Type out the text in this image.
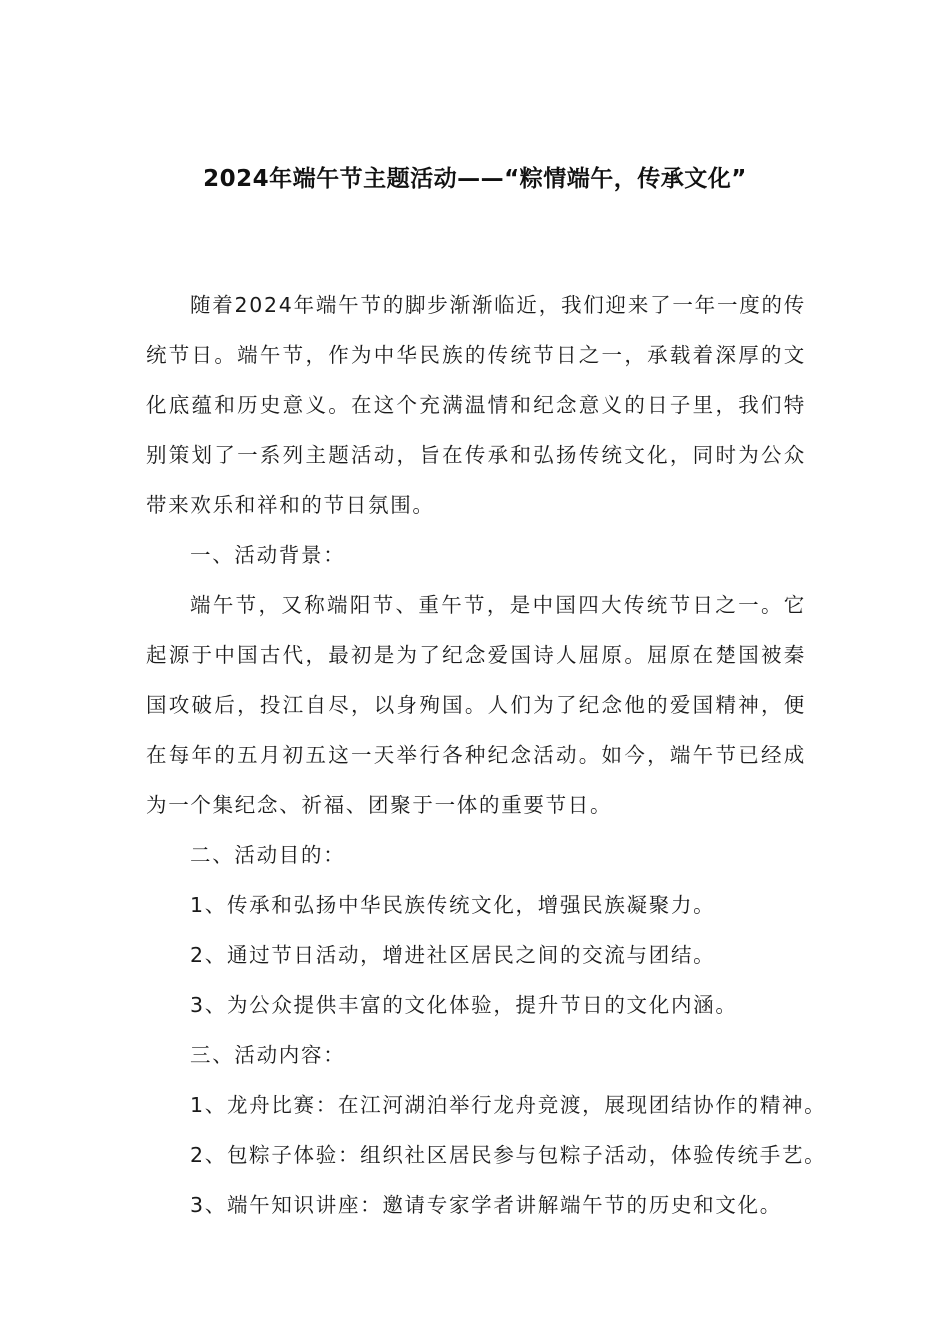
2024年端午节主题活动——“粽情端午，传承文化”

随着2024年端午节的脚步渐渐临近，我们迎来了一年一度的传统节日。端午节，作为中华民族的传统节日之一，承载着深厚的文化底蕴和历史意义。在这个充满温情和纪念意义的日子里，我们特别策划了一系列主题活动，旨在传承和弘扬传统文化，同时为公众带来欢乐和祥和的节日氛围。

一、活动背景：

端午节，又称端阳节、重午节，是中国四大传统节日之一。它起源于中国古代，最初是为了纪念爱国诗人屈原。屈原在楚国被秦国攻破后，投江自尽，以身殉国。人们为了纪念他的爱国精神，便在每年的五月初五这一天举行各种纪念活动。如今，端午节已经成为一个集纪念、祈福、团聚于一体的重要节日。

二、活动目的：

1、传承和弘扬中华民族传统文化，增强民族凝聚力。

2、通过节日活动，增进社区居民之间的交流与团结。

3、为公众提供丰富的文化体验，提升节日的文化内涵。

三、活动内容：

1、龙舟比赛：在江河湖泊举行龙舟竞渡，展现团结协作的精神。

2、包粽子体验：组织社区居民参与包粽子活动，体验传统手艺。

3、端午知识讲座：邀请专家学者讲解端午节的历史和文化。
